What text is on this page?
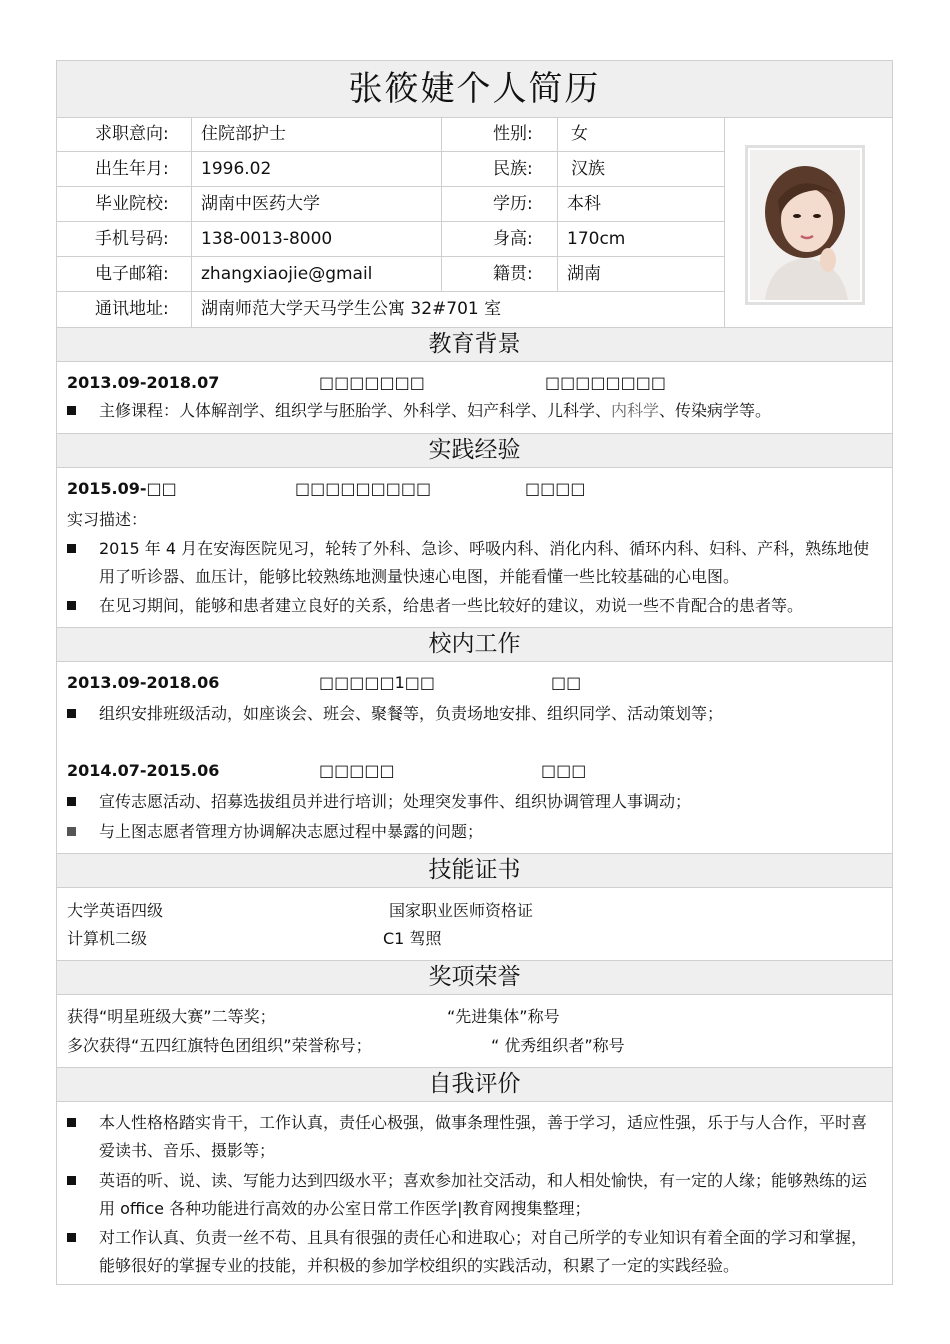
张筱婕个人简历
求职意向: 住院部护士	性别: 女
出生年月: 1996.02	民族: 汉族
毕业院校: 湖南中医药大学	学历: 本科
手机号码: 138-0013-8000	身高: 170cm
电子邮箱: zhangxiaojie@gmail	籍贯: 湖南
通讯地址: 湖南师范大学天马学生公寓 32#701 室
教育背景
2013.09-2018.07	□□□□□□□	□□□□□□□□
主修课程：人体解剖学、组织学与胚胎学、外科学、妇产科学、儿科学、内科学、传染病学等。
实践经验
2015.09-□□	□□□□□□□□□	□□□□
实习描述：
2015 年 4 月在安海医院见习，轮转了外科、急诊、呼吸内科、消化内科、循环内科、妇科、产科，熟练地使用了听诊器、血压计，能够比较熟练地测量快速心电图，并能看懂一些比较基础的心电图。
在见习期间，能够和患者建立良好的关系，给患者一些比较好的建议，劝说一些不肯配合的患者等。
校内工作
2013.09-2018.06	□□□□□1□□	□□
组织安排班级活动，如座谈会、班会、聚餐等，负责场地安排、组织同学、活动策划等；
2014.07-2015.06	□□□□□	□□□
宣传志愿活动、招募选拔组员并进行培训；处理突发事件、组织协调管理人事调动；
与上图志愿者管理方协调解决志愿过程中暴露的问题；
技能证书
大学英语四级	国家职业医师资格证
计算机二级	C1 驾照
奖项荣誉
获得“明星班级大赛”二等奖；	“先进集体”称号
多次获得“五四红旗特色团组织”荣誉称号；	“ 优秀组织者”称号
自我评价
本人性格格踏实肯干，工作认真，责任心极强，做事条理性强，善于学习，适应性强，乐于与人合作，平时喜爱读书、音乐、摄影等；
英语的听、说、读、写能力达到四级水平；喜欢参加社交活动，和人相处愉快，有一定的人缘；能够熟练的运用 office 各种功能进行高效的办公室日常工作医学|教育网搜集整理；
对工作认真、负责一丝不苟、且具有很强的责任心和进取心；对自己所学的专业知识有着全面的学习和掌握，能够很好的掌握专业的技能，并积极的参加学校组织的实践活动，积累了一定的实践经验。
